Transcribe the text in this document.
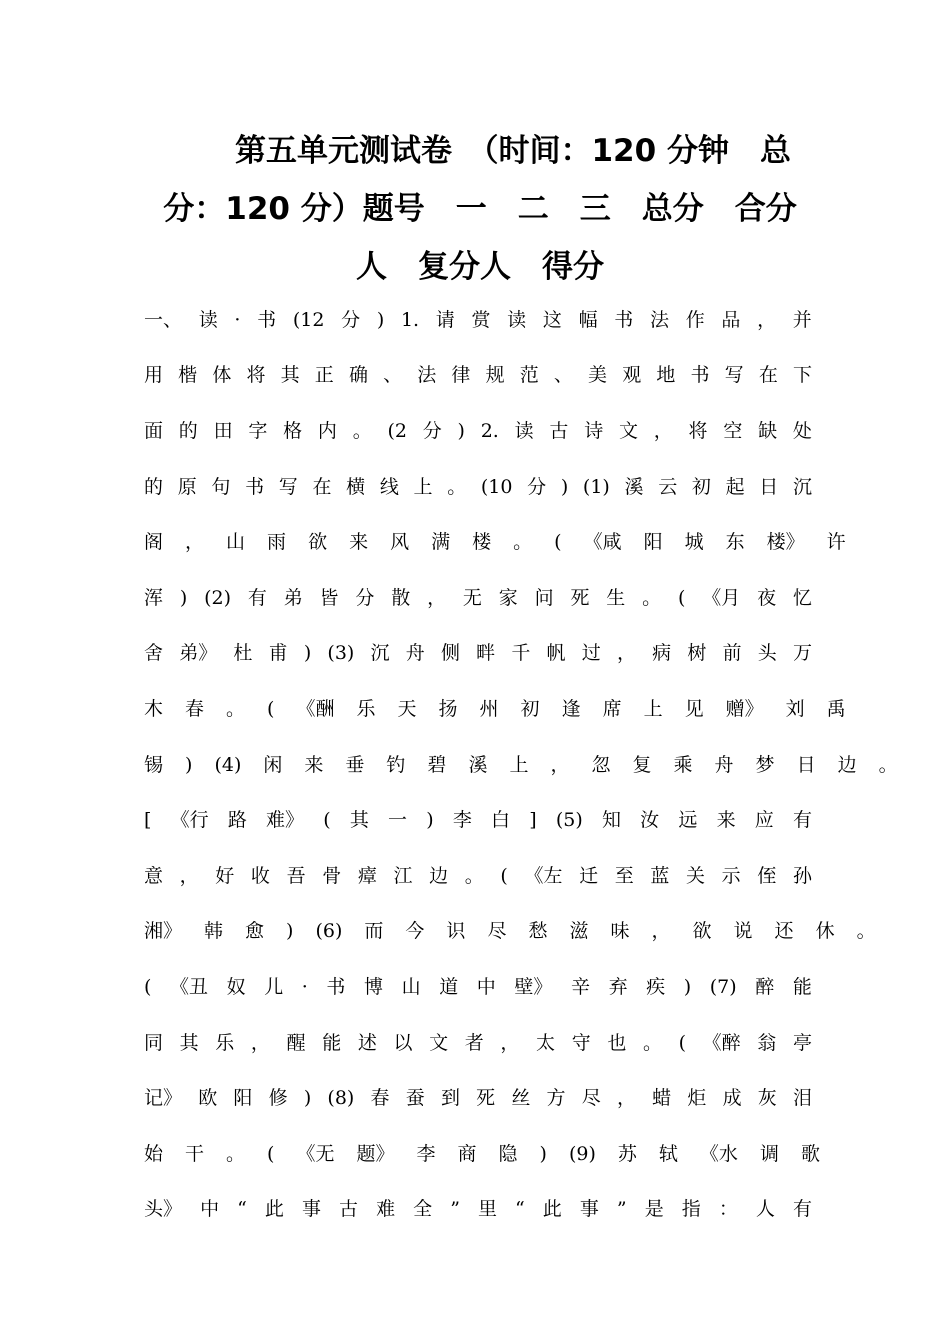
第五单元测试卷　（时间：120 分钟　总
分：120 分）题号　一　二　三　总分　合分
人　复分人　得分
一、 读 · 书 (12 分 ) 1. 请 赏 读 这 幅 书 法 作 品 ， 并
用 楷 体 将 其 正 确 、 法 律 规 范 、 美 观 地 书 写 在 下
面 的 田 字 格 内 。 (2 分 ) 2. 读 古 诗 文 ， 将 空 缺 处
的 原 句 书 写 在 横 线 上 。 (10 分 ) (1) 溪 云 初 起 日 沉
阁 ， 山 雨 欲 来 风 满 楼 。 ( 《咸 阳 城 东 楼》 许
浑 ) (2) 有 弟 皆 分 散 ， 无 家 问 死 生 。 ( 《月 夜 忆
舍 弟》 杜 甫 ) (3) 沉 舟 侧 畔 千 帆 过 ， 病 树 前 头 万
木 春 。 ( 《酬 乐 天 扬 州 初 逢 席 上 见 赠》 刘 禹
锡 ) (4) 闲 来 垂 钓 碧 溪 上 ， 忽 复 乘 舟 梦 日 边 。
[ 《行 路 难》 ( 其 一 ) 李 白 ] (5) 知 汝 远 来 应 有
意 ， 好 收 吾 骨 瘴 江 边 。 ( 《左 迁 至 蓝 关 示 侄 孙
湘》 韩 愈 ) (6) 而 今 识 尽 愁 滋 味 ， 欲 说 还 休 。
( 《丑 奴 儿 · 书 博 山 道 中 壁》 辛 弃 疾 ) (7) 醉 能
同 其 乐 ， 醒 能 述 以 文 者 ， 太 守 也 。 ( 《醉 翁 亭
记》 欧 阳 修 ) (8) 春 蚕 到 死 丝 方 尽 ， 蜡 炬 成 灰 泪
始 干 。 ( 《无 题》 李 商 隐 ) (9) 苏 轼 《水 调 歌
头》 中 “ 此 事 古 难 全 ” 里 “ 此 事 ” 是 指 ： 人 有
